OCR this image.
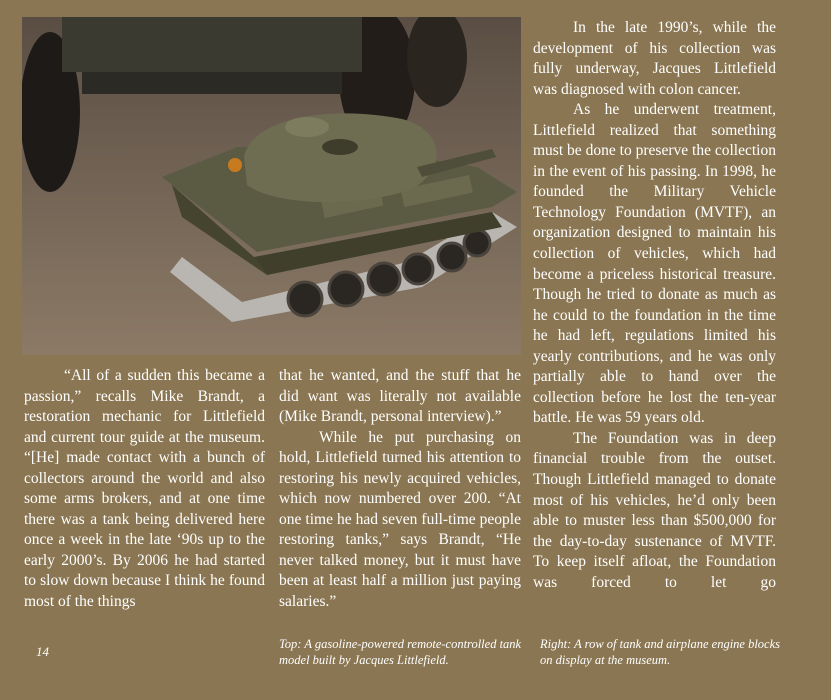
“All of a sudden this became a passion,” recalls Mike Brandt, a restoration mechanic for Littlefield and current tour guide at the museum. “[He] made contact with a bunch of collectors around the world and also some arms brokers, and at one time there was a tank being delivered here once a week in the late ‘90s up to the early 2000’s. By 2006 he had started to slow down because I think he found most of the things

that he wanted, and the stuff that he did want was literally not available (Mike Brandt, personal interview).”

While he put purchasing on hold, Littlefield turned his attention to restoring his newly acquired vehicles, which now numbered over 200. “At one time he had seven full-time people restoring tanks,” says Brandt, “He never talked money, but it must have been at least half a million just paying salaries.”

In the late 1990’s, while the development of his collection was fully underway, Jacques Littlefield was diagnosed with colon cancer.

As he underwent treatment, Littlefield realized that something must be done to preserve the collection in the event of his passing. In 1998, he founded the Military Vehicle Technology Foundation (MVTF), an organization designed to maintain his collection of vehicles, which had become a priceless historical treasure. Though he tried to donate as much as he could to the foundation in the time he had left, regulations limited his yearly contributions, and he was only partially able to hand over the collection before he lost the ten-year battle. He was 59 years old.

The Foundation was in deep financial trouble from the outset. Though Littlefield managed to donate most of his vehicles, he’d only been able to muster less than $500,000 for the day-to-day sustenance of MVTF. To keep itself afloat, the Foundation was forced to let go

Top: A gasoline-powered remote-controlled tank model built by Jacques Littlefield.
Right: A row of tank and airplane engine blocks on display at the museum.
14
